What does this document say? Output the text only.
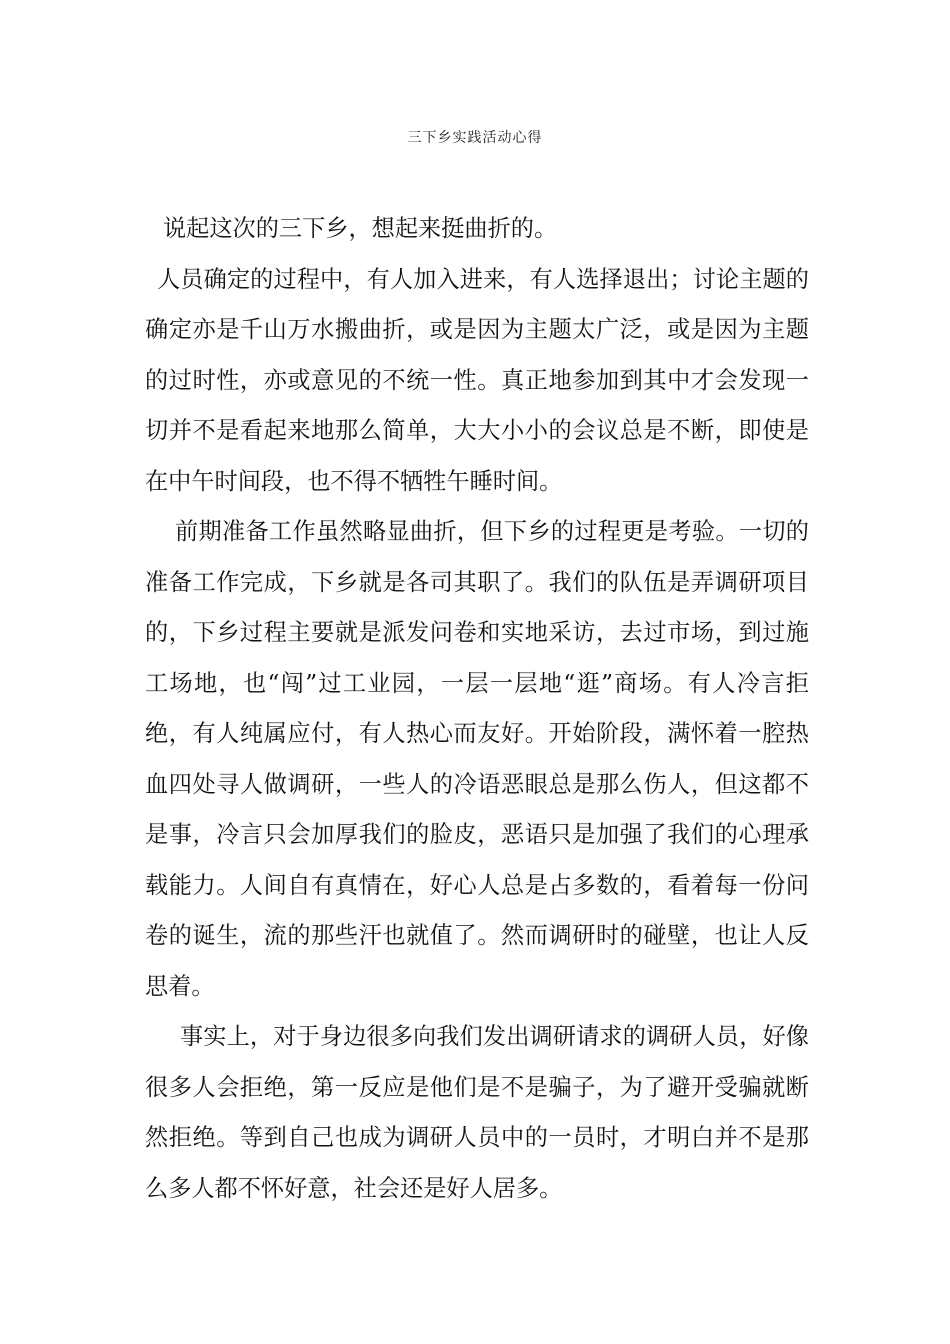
三下乡实践活动心得

说起这次的三下乡，想起来挺曲折的。

人员确定的过程中，有人加入进来，有人选择退出；讨论主题的确定亦是千山万水搬曲折，或是因为主题太广泛，或是因为主题的过时性，亦或意见的不统一性。真正地参加到其中才会发现一切并不是看起来地那么简单，大大小小的会议总是不断，即使是在中午时间段，也不得不牺牲午睡时间。

前期准备工作虽然略显曲折，但下乡的过程更是考验。一切的准备工作完成，下乡就是各司其职了。我们的队伍是弄调研项目的，下乡过程主要就是派发问卷和实地采访，去过市场，到过施工场地，也“闯”过工业园，一层一层地“逛”商场。有人冷言拒绝，有人纯属应付，有人热心而友好。开始阶段，满怀着一腔热血四处寻人做调研，一些人的冷语恶眼总是那么伤人，但这都不是事，冷言只会加厚我们的脸皮，恶语只是加强了我们的心理承载能力。人间自有真情在，好心人总是占多数的，看着每一份问卷的诞生，流的那些汗也就值了。然而调研时的碰壁，也让人反思着。

事实上，对于身边很多向我们发出调研请求的调研人员，好像很多人会拒绝，第一反应是他们是不是骗子，为了避开受骗就断然拒绝。等到自己也成为调研人员中的一员时，才明白并不是那么多人都不怀好意，社会还是好人居多。
